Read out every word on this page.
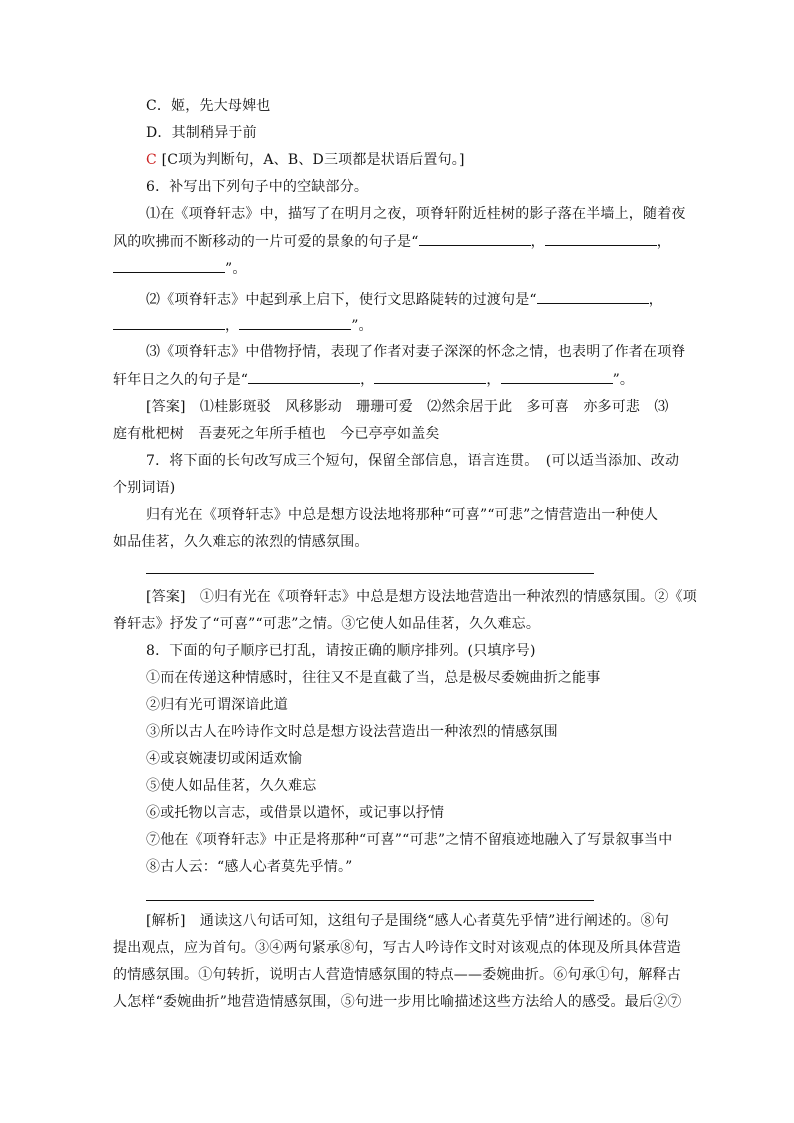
C．姬，先大母婢也
D．其制稍异于前
C [C项为判断句，A、B、D三项都是状语后置句。]
6．补写出下列句子中的空缺部分。
⑴在《项脊轩志》中，描写了在明月之夜，项脊轩附近桂树的影子落在半墙上，随着夜
风的吹拂而不断移动的一片可爱的景象的句子是“	，	，
”。
⑵《项脊轩志》中起到承上启下，使行文思路陡转的过渡句是“	，
，	”。
⑶《项脊轩志》中借物抒情，表现了作者对妻子深深的怀念之情，也表明了作者在项脊
轩年日之久的句子是“	，	，	”。
[答案]　⑴桂影斑驳　风移影动　珊珊可爱　⑵然余居于此　多可喜　亦多可悲　⑶
庭有枇杷树　吾妻死之年所手植也　今已亭亭如盖矣
7．将下面的长句改写成三个短句，保留全部信息，语言连贯。　(可以适当添加、改动
个别词语)
归有光在《项脊轩志》中总是想方设法地将那种“可喜”“可悲”之情营造出一种使人
如品佳茗，久久难忘的浓烈的情感氛围。
[答案]　①归有光在《项脊轩志》中总是想方设法地营造出一种浓烈的情感氛围。②《项
脊轩志》抒发了“可喜”“可悲”之情。③它使人如品佳茗，久久难忘。
8．下面的句子顺序已打乱，请按正确的顺序排列。(只填序号)
①而在传递这种情感时，往往又不是直截了当，总是极尽委婉曲折之能事
②归有光可谓深谙此道
③所以古人在吟诗作文时总是想方设法营造出一种浓烈的情感氛围
④或哀婉凄切或闲适欢愉
⑤使人如品佳茗，久久难忘
⑥或托物以言志，或借景以遣怀，或记事以抒情
⑦他在《项脊轩志》中正是将那种“可喜”“可悲”之情不留痕迹地融入了写景叙事当中
⑧古人云：“感人心者莫先乎情。”
[解析]　通读这八句话可知，这组句子是围绕“感人心者莫先乎情”进行阐述的。⑧句
提出观点，应为首句。③④两句紧承⑧句，写古人吟诗作文时对该观点的体现及所具体营造
的情感氛围。①句转折，说明古人营造情感氛围的特点——委婉曲折。⑥句承①句，解释古
人怎样“委婉曲折”地营造情感氛围，⑤句进一步用比喻描述这些方法给人的感受。最后②⑦
